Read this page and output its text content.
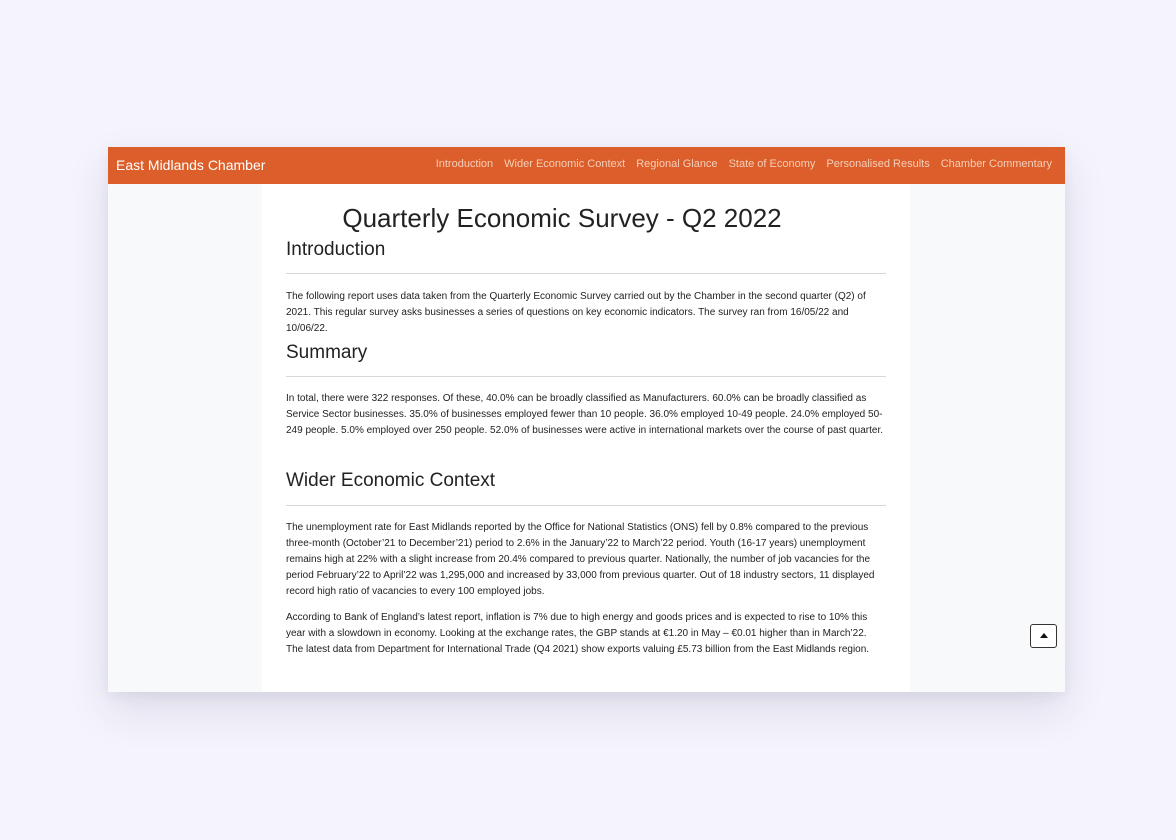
East Midlands Chamber	Introduction Wider Economic Context Regional Glance State of Economy Personalised Results Chamber Commentary
Quarterly Economic Survey - Q2 2022
Introduction

The following report uses data taken from the Quarterly Economic Survey carried out by the Chamber in the second quarter (Q2) of 2021. This regular survey asks businesses a series of questions on key economic indicators. The survey ran from 16/05/22 and 10/06/22.

Summary

In total, there were 322 responses. Of these, 40.0% can be broadly classified as Manufacturers. 60.0% can be broadly classified as Service Sector businesses. 35.0% of businesses employed fewer than 10 people. 36.0% employed 10-49 people. 24.0% employed 50-249 people. 5.0% employed over 250 people. 52.0% of businesses were active in international markets over the course of past quarter.

Wider Economic Context

The unemployment rate for East Midlands reported by the Office for National Statistics (ONS) fell by 0.8% compared to the previous three-month (October’21 to December’21) period to 2.6% in the January’22 to March’22 period. Youth (16-17 years) unemployment remains high at 22% with a slight increase from 20.4% compared to previous quarter. Nationally, the number of job vacancies for the period February’22 to April’22 was 1,295,000 and increased by 33,000 from previous quarter. Out of 18 industry sectors, 11 displayed record high ratio of vacancies to every 100 employed jobs.

According to Bank of England’s latest report, inflation is 7% due to high energy and goods prices and is expected to rise to 10% this year with a slowdown in economy. Looking at the exchange rates, the GBP stands at €1.20 in May – €0.01 higher than in March’22. The latest data from Department for International Trade (Q4 2021) show exports valuing £5.73 billion from the East Midlands region.
